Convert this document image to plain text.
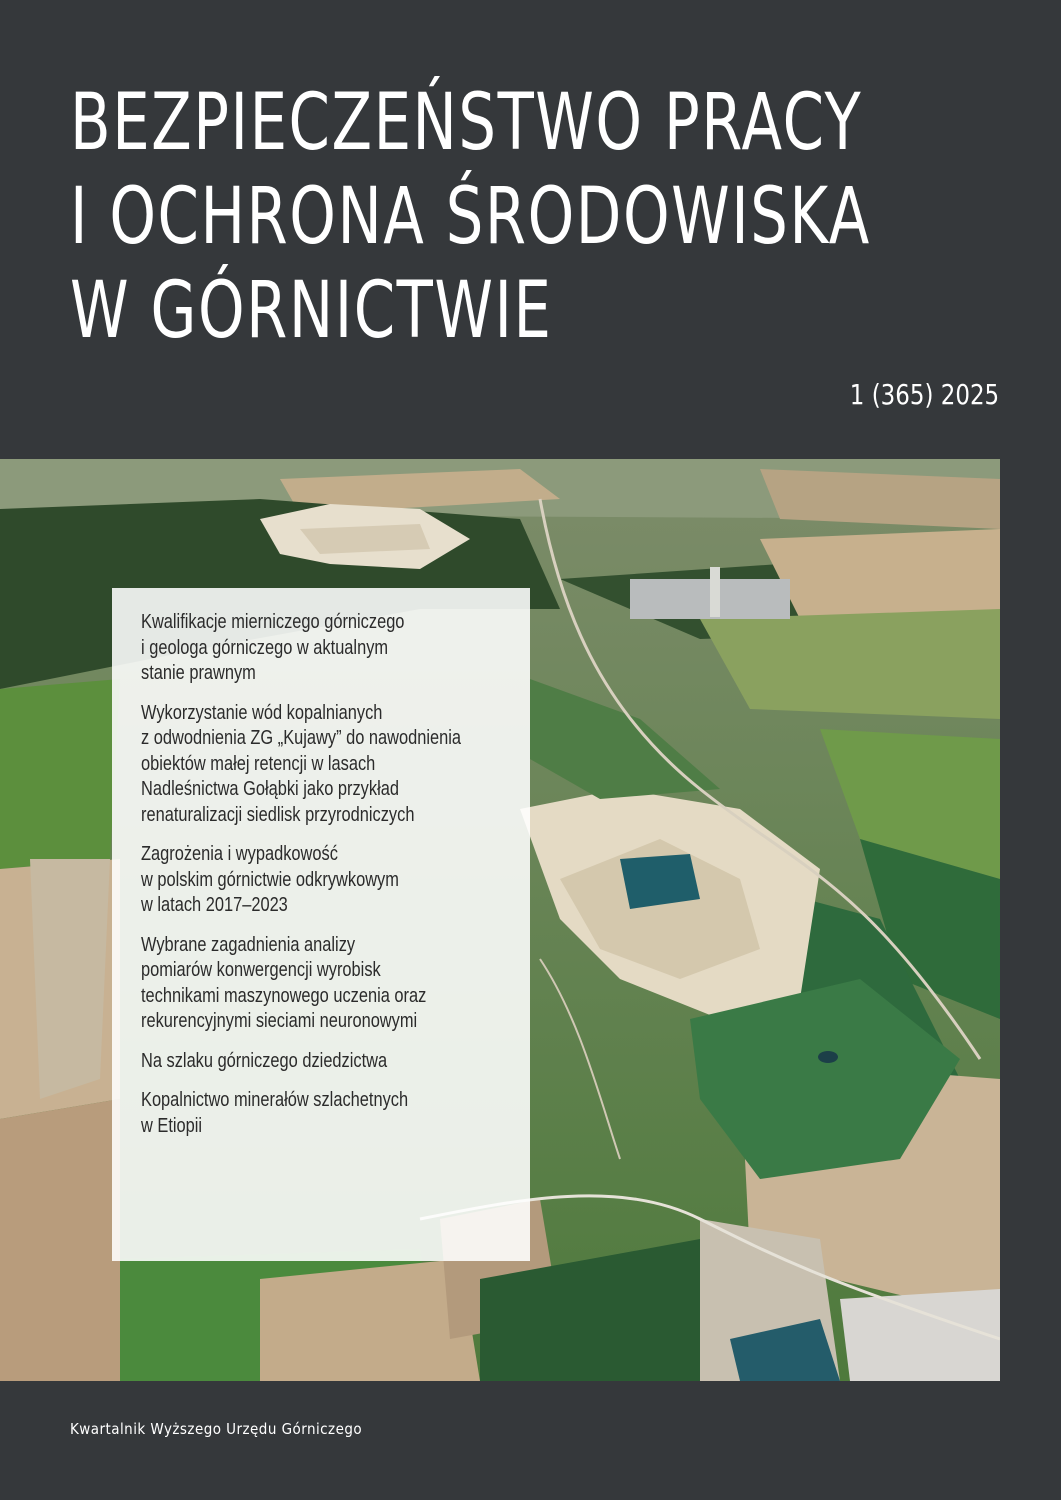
BEZPIECZEŃSTWO PRACY
I OCHRONA ŚRODOWISKA
W GÓRNICTWIE
1 (365) 2025
Kwalifikacje mierniczego górniczego
i geologa górniczego w aktualnym
stanie prawnym
Wykorzystanie wód kopalnianych
z odwodnienia ZG „Kujawy” do nawodnienia
obiektów małej retencji w lasach
Nadleśnictwa Gołąbki jako przykład
renaturalizacji siedlisk przyrodniczych
Zagrożenia i wypadkowość
w polskim górnictwie odkrywkowym
w latach 2017–2023
Wybrane zagadnienia analizy
pomiarów konwergencji wyrobisk
technikami maszynowego uczenia oraz
rekurencyjnymi sieciami neuronowymi
Na szlaku górniczego dziedzictwa
Kopalnictwo minerałów szlachetnych
w Etiopii
Kwartalnik Wyższego Urzędu Górniczego
